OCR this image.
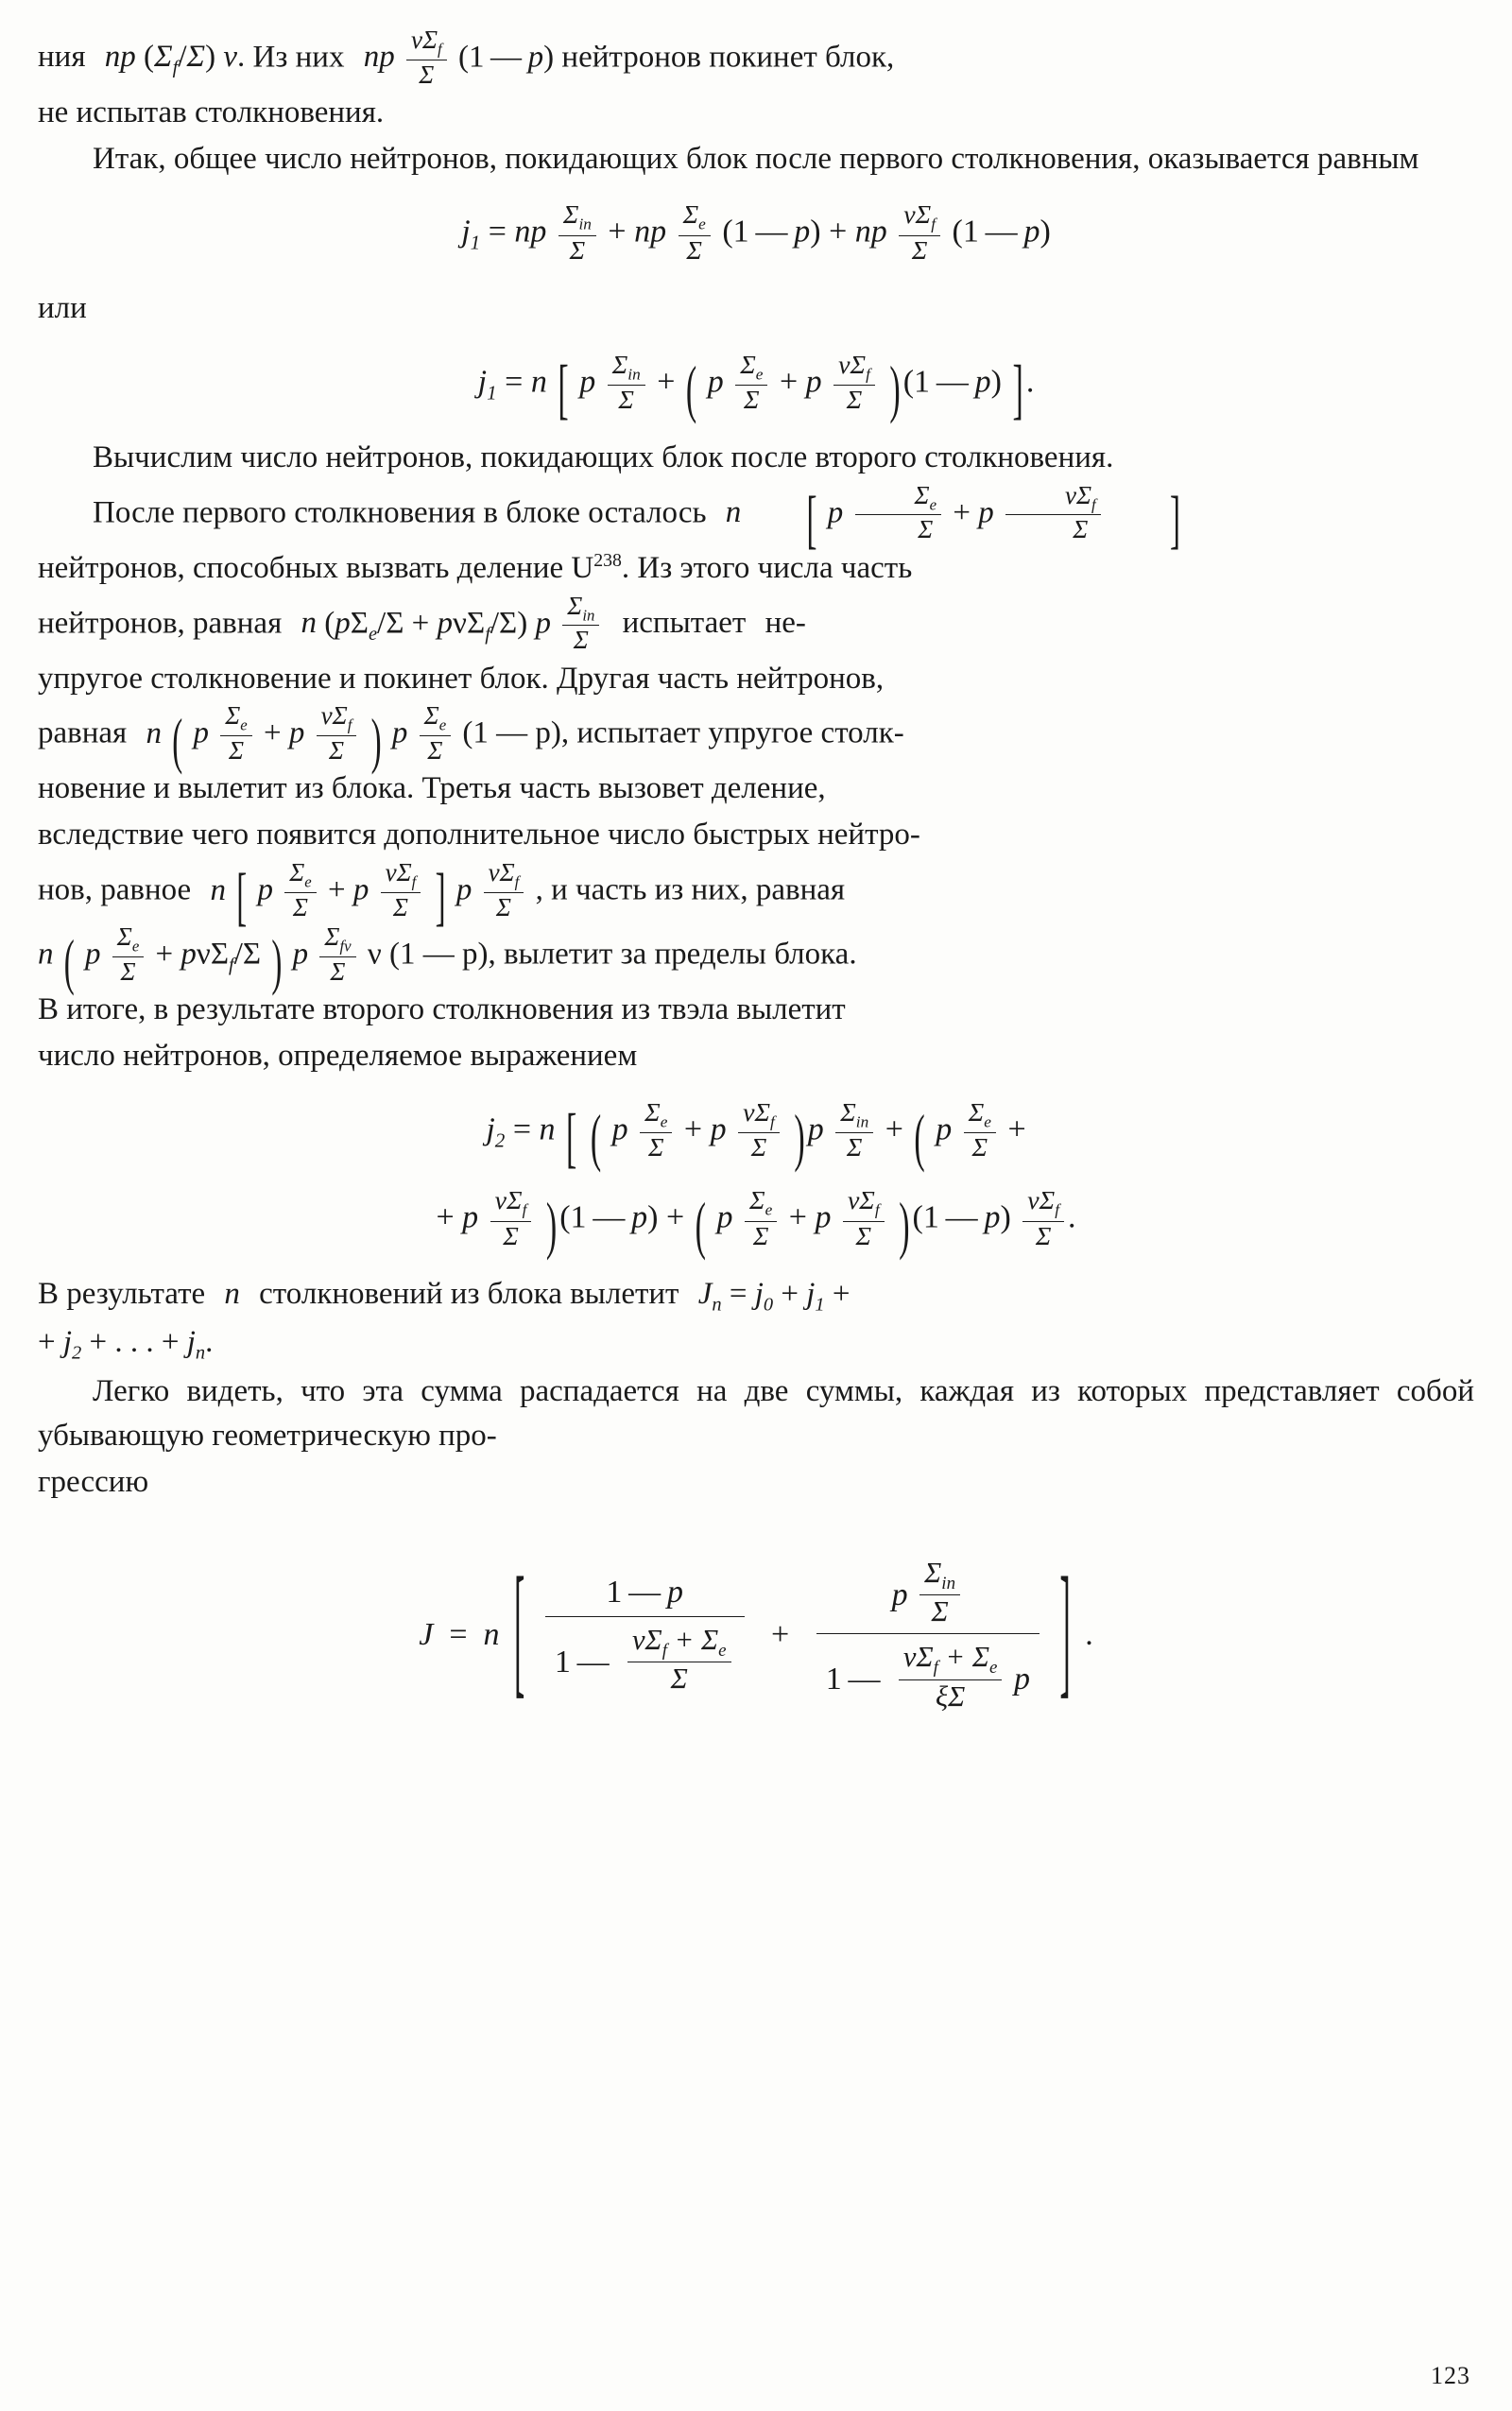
ния np $(\Sigma_f/\Sigma)$ ν. Из них np $\frac{\nu\Sigma_f}{\Sigma} (1$ — p) нейтронов покинет блок,

не испытав столкновения.

Итак, общее число нейтронов, покидающих блок после первого столкновения, оказывается равным

$j_1$ = np $\frac{\Sigma_{in}}{\Sigma}$ + np $\frac{\Sigma_e}{\Sigma} (1$ — p) + np $\frac{\nu\Sigma_f}{\Sigma} (1$ — p)

или

$j_1 = n$ [ p $\frac{\Sigma_{in}}{\Sigma}$ + ( p $\frac{\Sigma_e}{\Sigma} + p \frac{\nu\Sigma_f}{\Sigma} )(1$ — p) ].

Вычислим число нейтронов, покидающих блок после второго столкновения.

После первого столкновения в блоке осталось n [ p $\frac{\Sigma_e}{\Sigma} + p \frac{\nu\Sigma_f}{\Sigma}$ ]

нейтронов, способных вызвать деление $U^{238}$. Из этого числа часть

нейтронов, равная n $(p\Sigma_e/\Sigma + p\nu\Sigma_f/\Sigma)$ p $\frac{\Sigma_{in}}{\Sigma}$ испытает не-

упругое столкновение и покинет блок. Другая часть нейтронов,

равная n ( p $\frac{\Sigma_e}{\Sigma} + p \frac{\nu\Sigma_f}{\Sigma}$ ) p $\frac{\Sigma_e}{\Sigma} (1$ — p), испытает упругое столк-

новение и вылетит из блока. Третья часть вызовет деление,

вследствие чего появится дополнительное число быстрых нейтро-

нов, равное n [ p $\frac{\Sigma_e}{\Sigma} + p \frac{\nu\Sigma_f}{\Sigma}$ ] p $\frac{\nu\Sigma_f}{\Sigma}$ , и часть из них, равная

n ( p $\frac{\Sigma_e}{\Sigma} + p\nu\Sigma_f/\Sigma$ ) p $\frac{\Sigma_{f\nu}}{\Sigma}$ ν (1 — p), вылетит за пределы блока.

В итоге, в результате второго столкновения из твэла вылетит

число нейтронов, определяемое выражением

$j_2 = n$ [ ( p $\frac{\Sigma_e}{\Sigma} + p \frac{\nu\Sigma_f}{\Sigma} )p \frac{\Sigma_{in}}{\Sigma}$ + ( p $\frac{\Sigma_e}{\Sigma}$ +
+ p $\frac{\nu\Sigma_f}{\Sigma} )(1$ — p) + ( p $\frac{\Sigma_e}{\Sigma} + p \frac{\nu\Sigma_f}{\Sigma} )(1$ — $p) \frac{\nu\Sigma_f}{\Sigma}$ .

В результате n столкновений из блока вылетит $J_n = j_0 + j_1$ +

+ $j_2$ + . . . + $j_n$.

Легко видеть, что эта сумма распадается на две суммы, каждая из которых представляет собой убывающую геометрическую про-

грессию

J  =  n [ $\frac{1 — p}{1 — \frac{\nu\Sigma_f + \Sigma_e}{\Sigma}} + \frac{p \frac{\Sigma_{in}}{\Sigma}}{1 — \frac{\nu\Sigma_f + \Sigma_e}{\xi\Sigma} p}$ ] .
123
